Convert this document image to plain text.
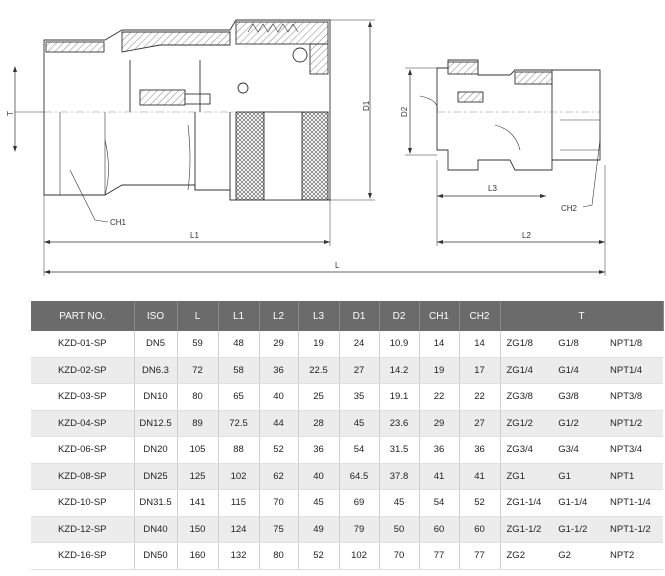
T
D1
CH1
L1
L3
D2
CH2
L2
L
PART NO.	ISO	L	L1	L2	L3	D1	D2	CH1	CH2	T
KZD-01-SP	DN5	59	48	29	19	24	10.9	14	14	ZG1/8 G1/8 NPT1/8

KZD-02-SP	DN6.3	72	58	36	22.5	27	14.2	19	17	ZG1/4 G1/4 NPT1/4

KZD-03-SP	DN10	80	65	40	25	35	19.1	22	22	ZG3/8 G3/8 NPT3/8

KZD-04-SP	DN12.5	89	72.5	44	28	45	23.6	29	27	ZG1/2 G1/2 NPT1/2

KZD-06-SP	DN20	105	88	52	36	54	31.5	36	36	ZG3/4 G3/4 NPT3/4

KZD-08-SP	DN25	125	102	62	40	64.5	37.8	41	41	ZG1 G1 NPT1

KZD-10-SP	DN31.5	141	115	70	45	69	45	54	52	ZG1-1/4 G1-1/4 NPT1-1/4

KZD-12-SP	DN40	150	124	75	49	79	50	60	60	ZG1-1/2 G1-1/2 NPT1-1/2

KZD-16-SP	DN50	160	132	80	52	102	70	77	77	ZG2 G2 NPT2
